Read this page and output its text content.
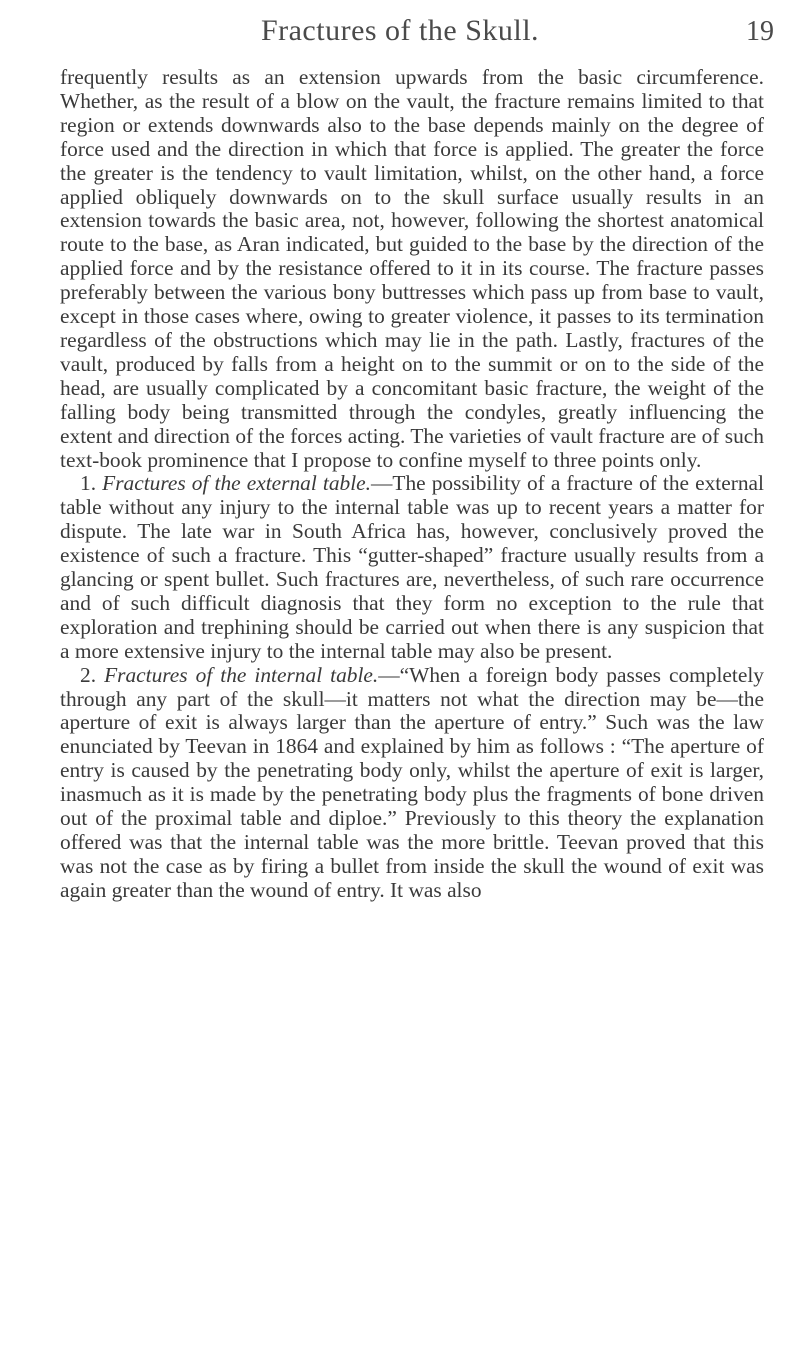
Fractures of the Skull.	19

frequently results as an extension upwards from the basic circumference. Whether, as the result of a blow on the vault, the fracture remains limited to that region or extends downwards also to the base depends mainly on the degree of force used and the direction in which that force is applied. The greater the force the greater is the tendency to vault limitation, whilst, on the other hand, a force applied obliquely downwards on to the skull surface usually results in an extension towards the basic area, not, however, following the shortest anatomical route to the base, as Aran indicated, but guided to the base by the direction of the applied force and by the resistance offered to it in its course. The fracture passes preferably between the various bony buttresses which pass up from base to vault, except in those cases where, owing to greater violence, it passes to its termination regardless of the obstructions which may lie in the path. Lastly, fractures of the vault, produced by falls from a height on to the summit or on to the side of the head, are usually complicated by a concomitant basic fracture, the weight of the falling body being transmitted through the condyles, greatly influencing the extent and direction of the forces acting. The varieties of vault fracture are of such text-book prominence that I propose to confine myself to three points only.

1. Fractures of the external table.—The possibility of a fracture of the external table without any injury to the internal table was up to recent years a matter for dispute. The late war in South Africa has, however, conclusively proved the existence of such a fracture. This “gutter-shaped” fracture usually results from a glancing or spent bullet. Such fractures are, nevertheless, of such rare occurrence and of such difficult diagnosis that they form no exception to the rule that exploration and trephining should be carried out when there is any suspicion that a more extensive injury to the internal table may also be present.

2. Fractures of the internal table.—“When a foreign body passes completely through any part of the skull—it matters not what the direction may be—the aperture of exit is always larger than the aperture of entry.” Such was the law enunciated by Teevan in 1864 and explained by him as follows : “The aperture of entry is caused by the penetrating body only, whilst the aperture of exit is larger, inasmuch as it is made by the penetrating body plus the fragments of bone driven out of the proximal table and diploe.” Previously to this theory the explanation offered was that the internal table was the more brittle. Teevan proved that this was not the case as by firing a bullet from inside the skull the wound of exit was again greater than the wound of entry. It was also
